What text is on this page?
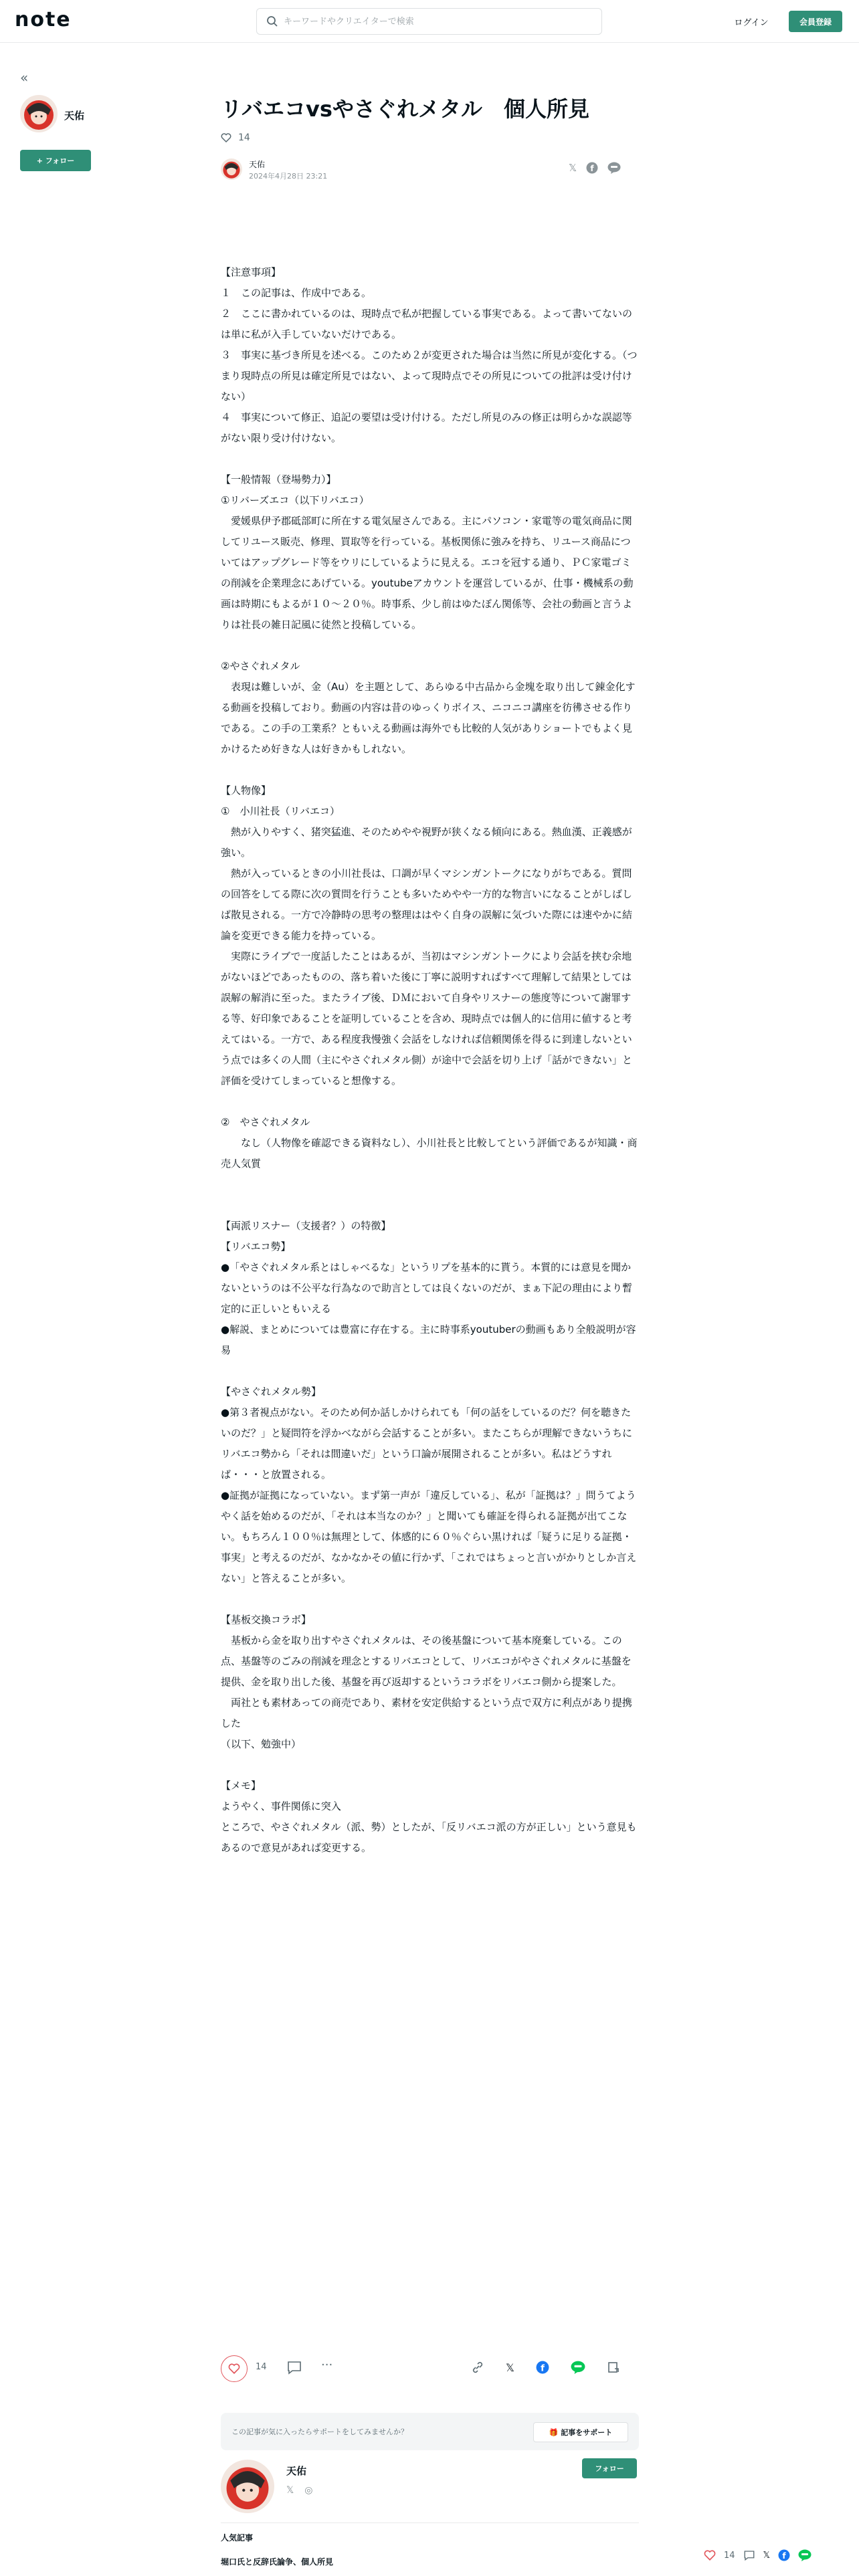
note
キーワードやクリエイターで検索	ログイン	会員登録
«
天佑
+ フォロー
リバエコvsやさぐれメタル　個人所見
14
天佑
2024年4月28日 23:21
𝕏 f

【注意事項】

１　この記事は、作成中である。

２　ここに書かれているのは、現時点で私が把握している事実である。よって書いてないのは単に私が入手していないだけである。

３　事実に基づき所見を述べる。このため２が変更された場合は当然に所見が変化する。（つまり現時点の所見は確定所見ではない、よって現時点でその所見についての批評は受け付けない）

４　事実について修正、追記の要望は受け付ける。ただし所見のみの修正は明らかな誤認等がない限り受け付けない。

【一般情報（登場勢力）】

①リバーズエコ（以下リバエコ）

　愛媛県伊予郡砥部町に所在する電気屋さんである。主にパソコン・家電等の電気商品に関してリユース販売、修理、買取等を行っている。基板関係に強みを持ち、リユース商品についてはアップグレード等をウリにしているように見える。エコを冠する通り、ＰＣ家電ゴミの削減を企業理念にあげている。youtubeアカウントを運営しているが、仕事・機械系の動画は時期にもよるが１０～２０％。時事系、少し前はゆたぼん関係等、会社の動画と言うよりは社長の雑日記風に徒然と投稿している。

②やさぐれメタル

　表現は難しいが、金（Au）を主題として、あらゆる中古品から金塊を取り出して錬金化する動画を投稿しており。動画の内容は昔のゆっくりボイス、ニコニコ講座を彷彿させる作りである。この手の工業系？ともいえる動画は海外でも比較的人気がありショートでもよく見かけるため好きな人は好きかもしれない。

【人物像】

①　小川社長（リバエコ）

　熱が入りやすく、猪突猛進、そのためやや視野が狭くなる傾向にある。熱血漢、正義感が強い。

　熱が入っているときの小川社長は、口調が早くマシンガントークになりがちである。質問の回答をしてる際に次の質問を行うことも多いためやや一方的な物言いになることがしばしば散見される。一方で冷静時の思考の整理ははやく自身の誤解に気づいた際には速やかに結論を変更できる能力を持っている。

　実際にライブで一度話したことはあるが、当初はマシンガントークにより会話を挟む余地がないほどであったものの、落ち着いた後に丁寧に説明すればすべて理解して結果としては誤解の解消に至った。またライブ後、ＤＭにおいて自身やリスナーの態度等について謝罪する等、好印象であることを証明していることを含め、現時点では個人的に信用に値すると考えてはいる。一方で、ある程度我慢強く会話をしなければ信頼関係を得るに到達しないという点では多くの人間（主にやさぐれメタル側）が途中で会話を切り上げ「話ができない」と評価を受けてしまっていると想像する。

②　やさぐれメタル

　　なし（人物像を確認できる資料なし）、小川社長と比較してという評価であるが知識・商売人気質

【両派リスナー（支援者？）の特徴】

【リバエコ勢】

●「やさぐれメタル系とはしゃべるな」というリプを基本的に貰う。本質的には意見を聞かないというのは不公平な行為なので助言としては良くないのだが、まぁ下記の理由により暫定的に正しいともいえる

●解説、まとめについては豊富に存在する。主に時事系youtuberの動画もあり全般説明が容易

【やさぐれメタル勢】

●第３者視点がない。そのため何か話しかけられても「何の話をしているのだ？何を聴きたいのだ？」と疑問符を浮かべながら会話することが多い。またこちらが理解できないうちにリバエコ勢から「それは間違いだ」という口論が展開されることが多い。私はどうすれば・・・と放置される。

●証拠が証拠になっていない。まず第一声が「違反している」、私が「証拠は？」問うてようやく話を始めるのだが、「それは本当なのか？」と聞いても確証を得られる証拠が出てこない。もちろん１００％は無理として、体感的に６０％ぐらい黒ければ「疑うに足りる証拠・事実」と考えるのだが、なかなかその値に行かず、「これではちょっと言いがかりとしか言えない」と答えることが多い。

【基板交換コラボ】

　基板から金を取り出すやさぐれメタルは、その後基盤について基本廃棄している。この点、基盤等のごみの削減を理念とするリバエコとして、リバエコがやさぐれメタルに基盤を提供、金を取り出した後、基盤を再び返却するというコラボをリバエコ側から提案した。

　両社とも素材あっての商売であり、素材を安定供給するという点で双方に利点があり提携した

（以下、勉強中）

【メモ】

ようやく、事件関係に突入

ところで、やさぐれメタル（派、勢）としたが、「反リバエコ派の方が正しい」という意見もあるので意見があれば変更する。

14	···	𝕏	f
この記事が気に入ったらサポートをしてみませんか？	🎁 記事をサポート
天佑
𝕏 ◎
フォロー
人気記事
堀口氏と反辞氏論争、個人所見
14	𝕏 f
